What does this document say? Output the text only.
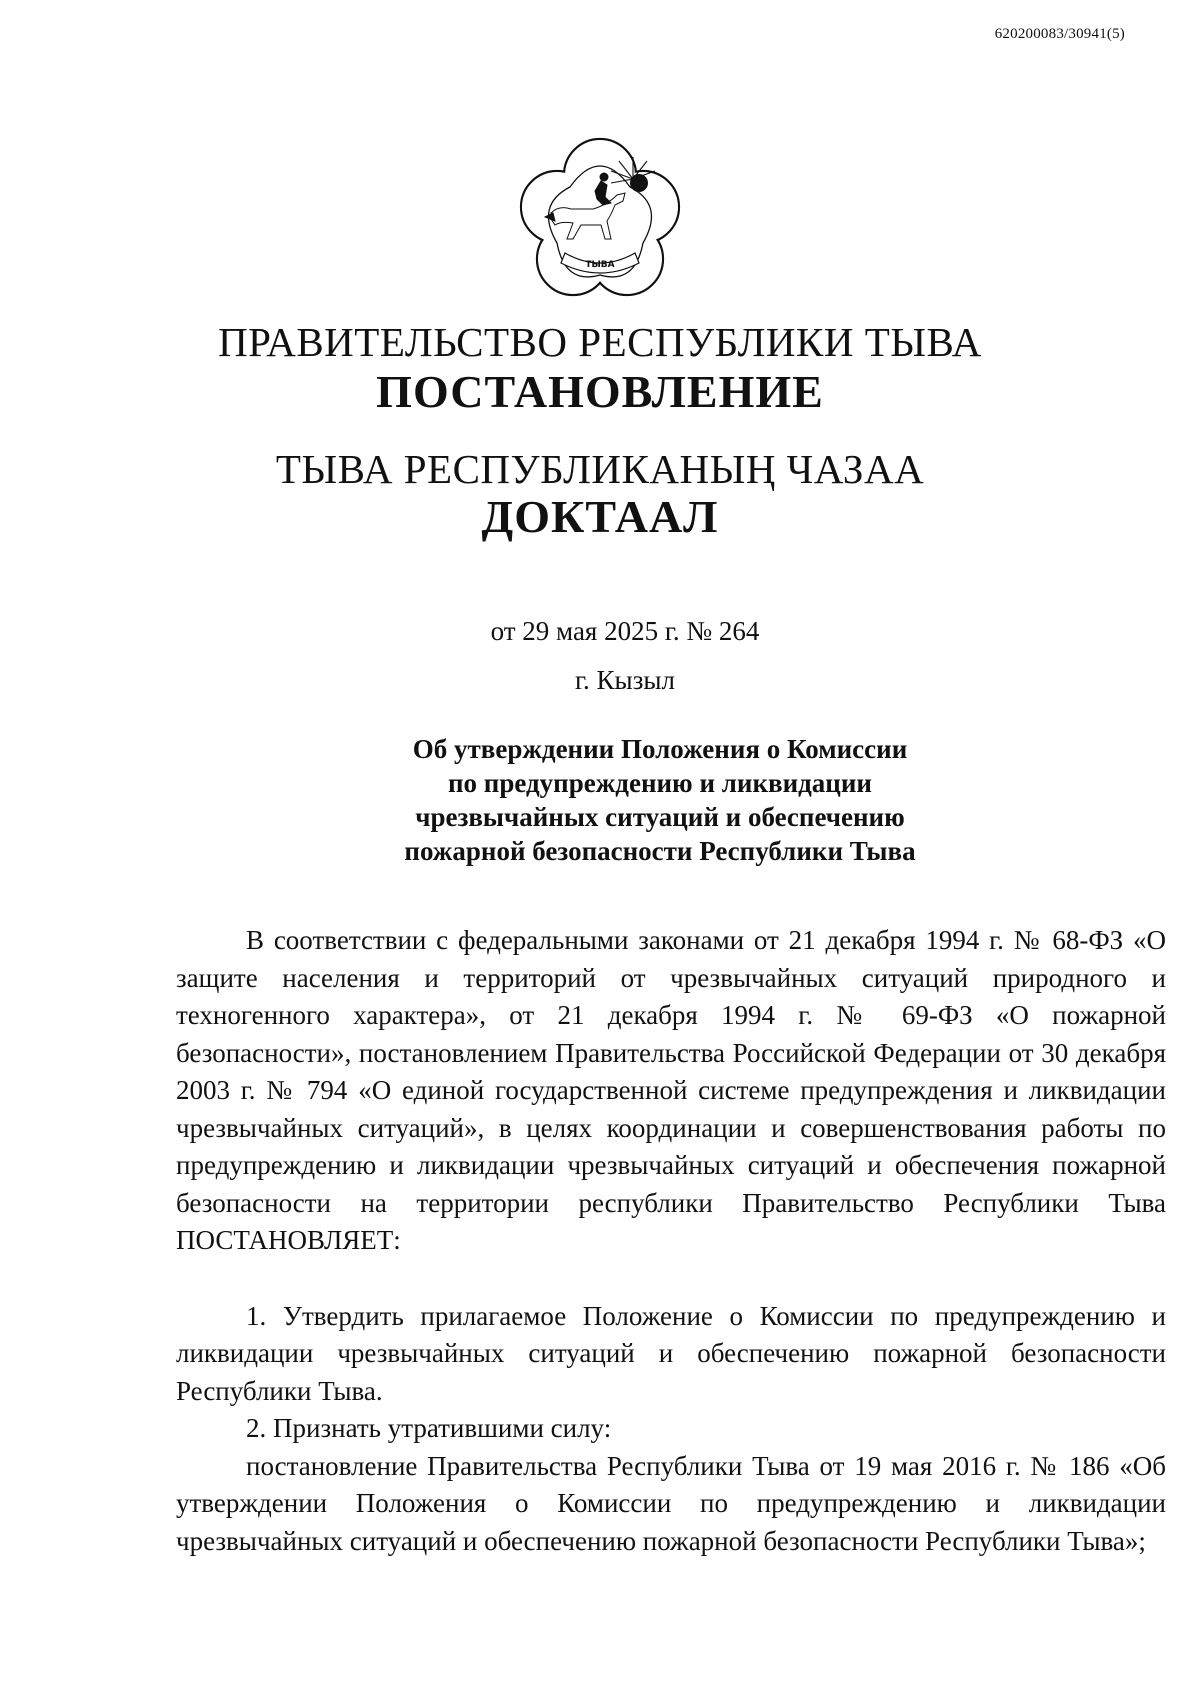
620200083/30941(5)
ТЫВА
ПРАВИТЕЛЬСТВО РЕСПУБЛИКИ ТЫВА
ПОСТАНОВЛЕНИЕ
ТЫВА РЕСПУБЛИКАНЫҢ ЧАЗАА
ДОКТААЛ
от 29 мая 2025 г. № 264
г. Кызыл
Об утверждении Положения о Комиссии
по предупреждению и ликвидации
чрезвычайных ситуаций и обеспечению
пожарной безопасности Республики Тыва

В соответствии с федеральными законами от 21 декабря 1994 г. № 68-ФЗ «О защите населения и территорий от чрезвычайных ситуаций природного и техногенного характера», от 21 декабря 1994 г. № 69-ФЗ «О пожарной безопасности», постановлением Правительства Российской Федерации от 30 декабря 2003 г. № 794 «О единой государственной системе предупреждения и ликвидации чрезвычайных ситуаций», в целях координации и совершенствования работы по предупреждению и ликвидации чрезвычайных ситуаций и обеспечения пожарной безопасности на территории республики Правительство Республики Тыва ПОСТАНОВЛЯЕТ:

1. Утвердить прилагаемое Положение о Комиссии по предупреждению и ликвидации чрезвычайных ситуаций и обеспечению пожарной безопасности Республики Тыва.

2. Признать утратившими силу:

постановление Правительства Республики Тыва от 19 мая 2016 г. № 186 «Об утверждении Положения о Комиссии по предупреждению и ликвидации чрезвычайных ситуаций и обеспечению пожарной безопасности Республики Тыва»;
